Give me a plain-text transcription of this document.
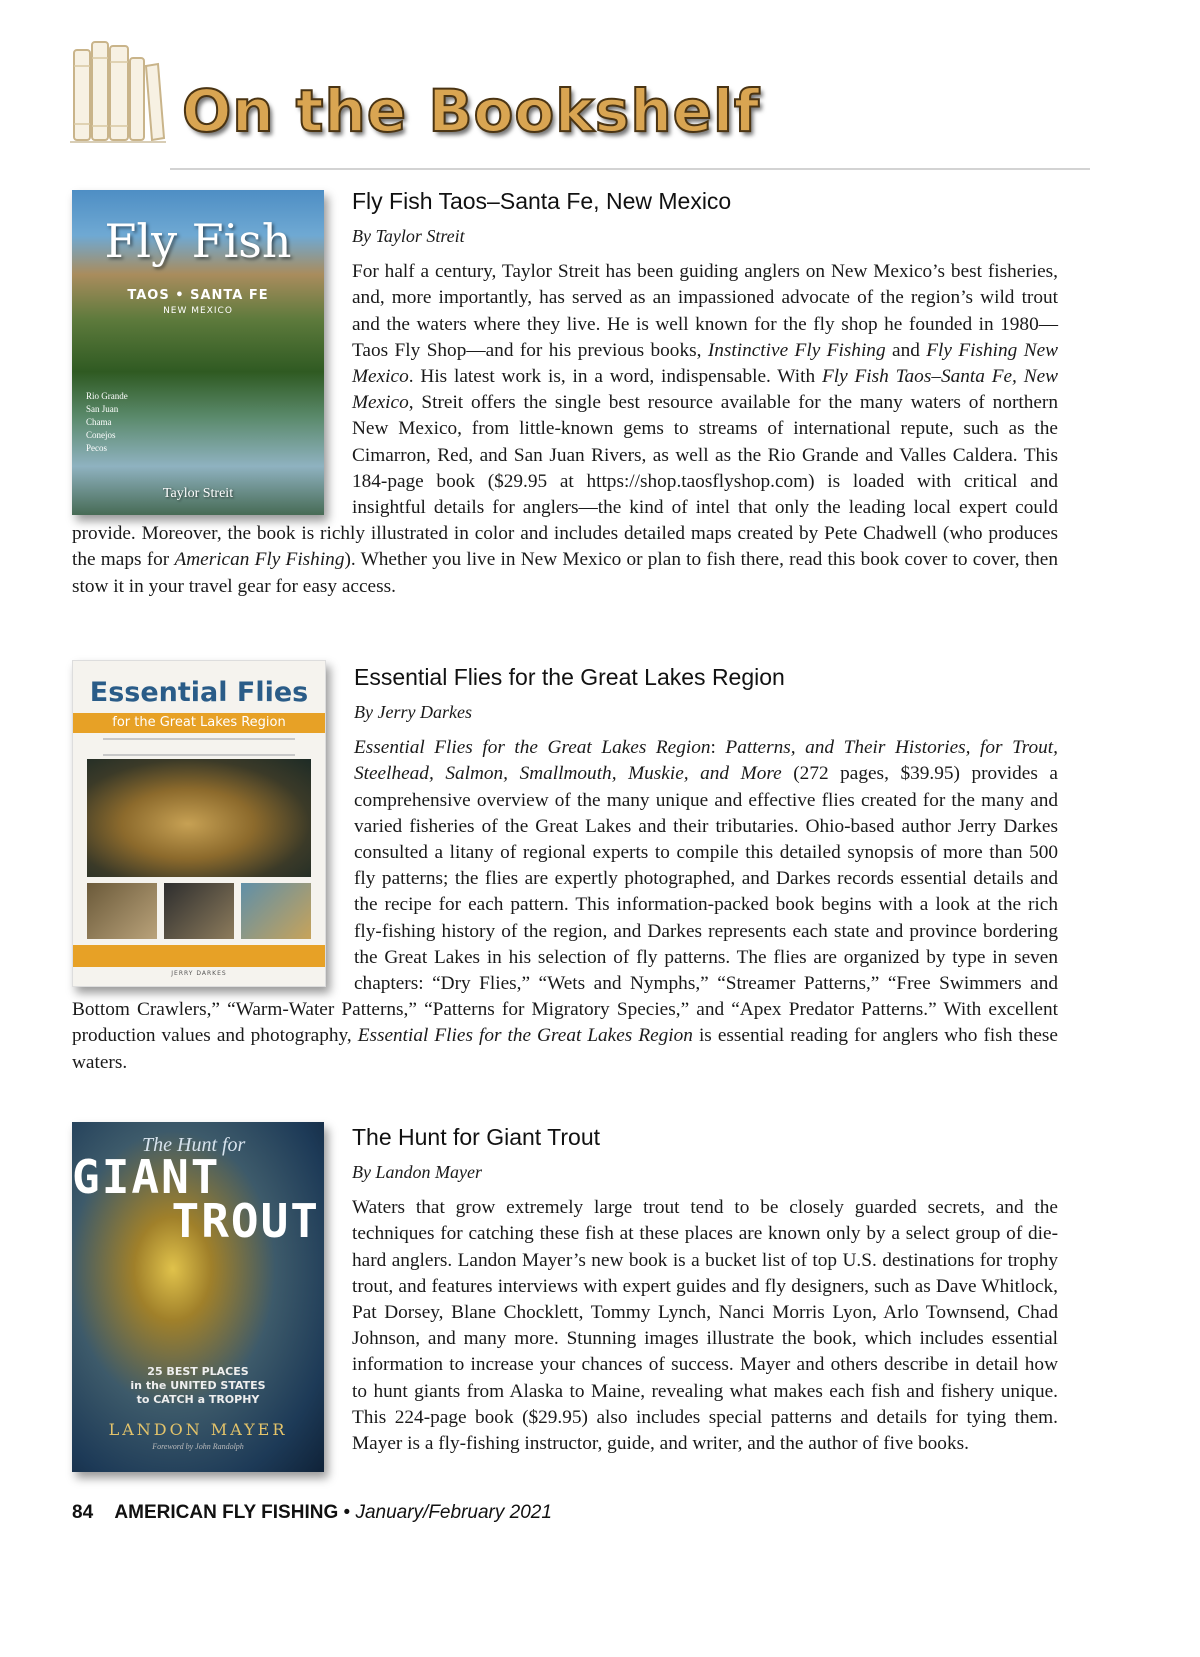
On the Bookshelf
Fly Fish
TAOS • SANTA FE
NEW MEXICO
Rio Grande
San Juan
Chama
Conejos
Pecos
Taylor Streit
Fly Fish Taos–Santa Fe, New Mexico

By Taylor Streit

For half a century, Taylor Streit has been guiding anglers on New Mexico’s best fisheries, and, more importantly, has served as an impassioned advocate of the region’s wild trout and the waters where they live. He is well known for the fly shop he founded in 1980—Taos Fly Shop—and for his previous books, Instinctive Fly Fishing and Fly Fishing New Mexico. His latest work is, in a word, indispensable. With Fly Fish Taos–Santa Fe, New Mexico, Streit offers the single best resource available for the many waters of northern New Mexico, from little-known gems to streams of international repute, such as the Cimarron, Red, and San Juan Rivers, as well as the Rio Grande and Valles Caldera. This 184-page book ($29.95 at https://shop.taosflyshop.com) is loaded with critical and insightful details for anglers—the kind of intel that only the leading local expert could provide. Moreover, the book is richly illustrated in color and includes detailed maps created by Pete Chadwell (who produces the maps for American Fly Fishing). Whether you live in New Mexico or plan to fish there, read this book cover to cover, then stow it in your travel gear for easy access.

Essential Flies
for the Great Lakes Region
JERRY DARKES
Essential Flies for the Great Lakes Region

By Jerry Darkes

Essential Flies for the Great Lakes Region: Patterns, and Their Histories, for Trout, Steelhead, Salmon, Smallmouth, Muskie, and More (272 pages, $39.95) provides a comprehensive overview of the many unique and effective flies created for the many and varied fisheries of the Great Lakes and their tributaries. Ohio-based author Jerry Darkes consulted a litany of regional experts to compile this detailed synopsis of more than 500 fly patterns; the flies are expertly photographed, and Darkes records essential details and the recipe for each pattern. This information-packed book begins with a look at the rich fly-fishing history of the region, and Darkes represents each state and province bordering the Great Lakes in his selection of fly patterns. The flies are organized by type in seven chapters: “Dry Flies,” “Wets and Nymphs,” “Streamer Patterns,” “Free Swimmers and Bottom Crawlers,” “Warm-Water Patterns,” “Patterns for Migratory Species,” and “Apex Predator Patterns.” With excellent production values and photography, Essential Flies for the Great Lakes Region is essential reading for anglers who fish these waters.

The Hunt for
GIANT
TROUT
25 BEST PLACES
in the UNITED STATES
to CATCH a TROPHY
LANDON MAYER
Foreword by John Randolph
The Hunt for Giant Trout

By Landon Mayer

Waters that grow extremely large trout tend to be closely guarded secrets, and the techniques for catching these fish at these places are known only by a select group of die-hard anglers. Landon Mayer’s new book is a bucket list of top U.S. destinations for trophy trout, and features interviews with expert guides and fly designers, such as Dave Whitlock, Pat Dorsey, Blane Chocklett, Tommy Lynch, Nanci Morris Lyon, Arlo Townsend, Chad Johnson, and many more. Stunning images illustrate the book, which includes essential information to increase your chances of success. Mayer and others describe in detail how to hunt giants from Alaska to Maine, revealing what makes each fish and fishery unique. This 224-page book ($29.95) also includes special patterns and details for tying them. Mayer is a fly-fishing instructor, guide, and writer, and the author of five books.

84 AMERICAN FLY FISHING • January/February 2021
